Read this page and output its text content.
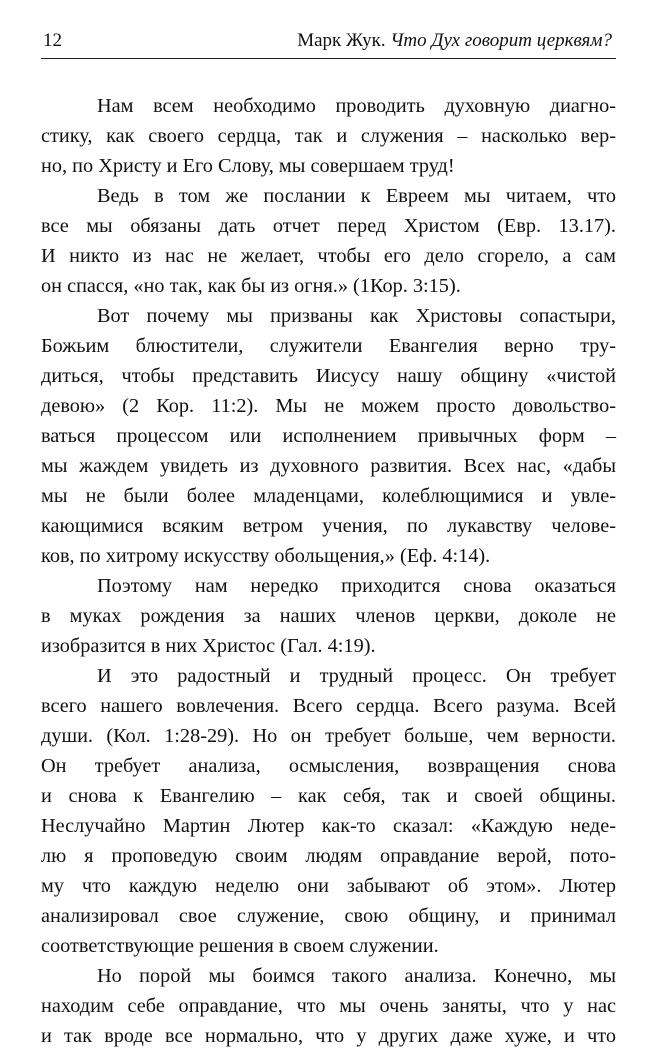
12	Марк Жук. Что Дух говорит церквям?
Нам всем необходимо проводить духовную диагно-
стику, как своего сердца, так и служения – насколько вер-
но, по Христу и Его Слову, мы совершаем труд!
Ведь в том же послании к Евреем мы читаем, что
все мы обязаны дать отчет перед Христом (Евр. 13.17).
И никто из нас не желает, чтобы его дело сгорело, а сам
он спасся, «но так, как бы из огня.» (1Кор. 3:15).
Вот почему мы призваны как Христовы сопастыри,
Божьим блюстители, служители Евангелия верно тру-
диться, чтобы представить Иисусу нашу общину «чистой
девою» (2 Кор. 11:2). Мы не можем просто довольство-
ваться процессом или исполнением привычных форм –
мы жаждем увидеть из духовного развития. Всех нас, «дабы
мы не были более младенцами, колеблющимися и увле-
кающимися всяким ветром учения, по лукавству челове-
ков, по хитрому искусству обольщения,» (Еф. 4:14).
Поэтому нам нередко приходится снова оказаться
в муках рождения за наших членов церкви, доколе не
изобразится в них Христос (Гал. 4:19).
И это радостный и трудный процесс. Он требует
всего нашего вовлечения. Всего сердца. Всего разума. Всей
души. (Кол. 1:28-29). Но он требует больше, чем верности.
Он требует анализа, осмысления, возвращения снова
и снова к Евангелию – как себя, так и своей общины.
Неслучайно Мартин Лютер как-то сказал: «Каждую неде-
лю я проповедую своим людям оправдание верой, пото-
му что каждую неделю они забывают об этом». Лютер
анализировал свое служение, свою общину, и принимал
соответствующие решения в своем служении.
Но порой мы боимся такого анализа. Конечно, мы
находим себе оправдание, что мы очень заняты, что у нас
и так вроде все нормально, что у других даже хуже, и что
